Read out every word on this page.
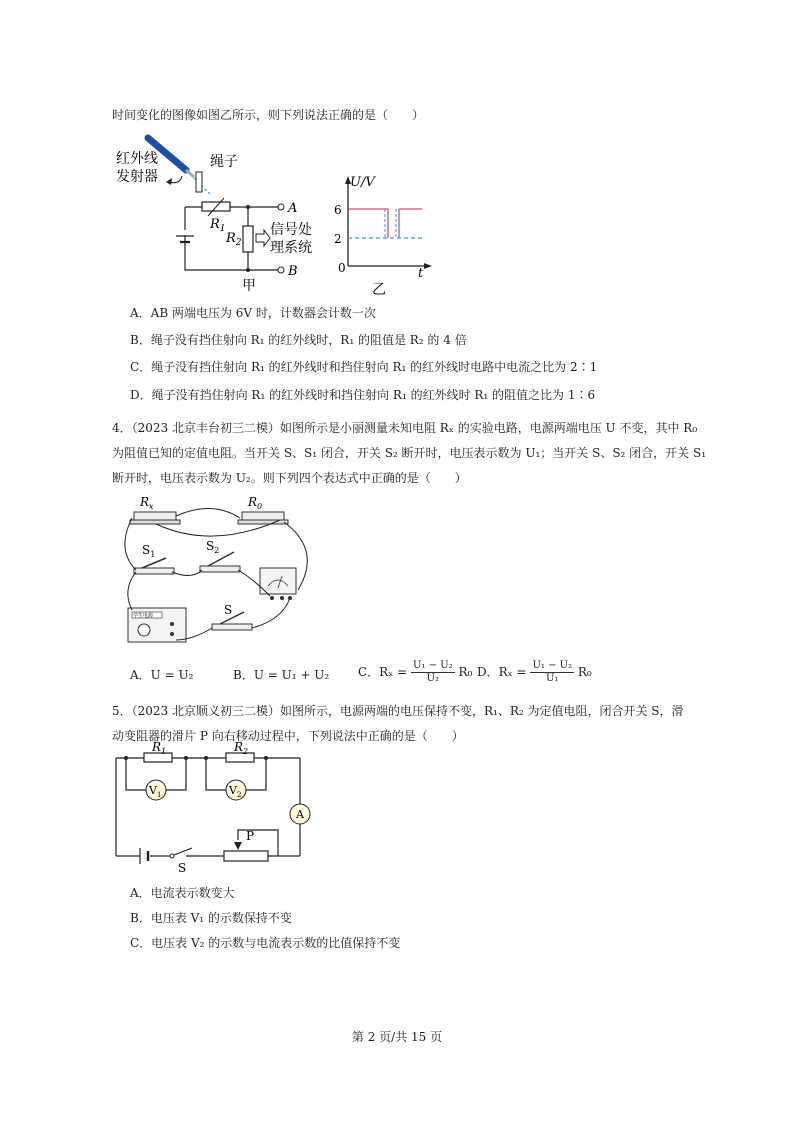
时间变化的图像如图乙所示，则下列说法正确的是（　　）
红外线
发射器
绳子
$R_1$
$R_2$
信号处
理系统
A
B
甲
U/V
t
0
6
2
乙
A．AB 两端电压为 6V 时，计数器会计数一次
B．绳子没有挡住射向 R₁ 的红外线时，R₁ 的阻值是 R₂ 的 4 倍
C．绳子没有挡住射向 R₁ 的红外线时和挡住射向 R₁ 的红外线时电路中电流之比为 2∶1
D．绳子没有挡住射向 R₁ 的红外线时和挡住射向 R₁ 的红外线时 R₁ 的阻值之比为 1∶6
4．（2023 北京丰台初三二模）如图所示是小丽测量未知电阻 Rₓ 的实验电路，电源两端电压 U 不变，其中 R₀
为阻值已知的定值电阻。当开关 S、S₁ 闭合，开关 S₂ 断开时，电压表示数为 U₁；当开关 S、S₂ 闭合，开关 S₁
断开时，电压表示数为 U₂。则下列四个表达式中正确的是（　　）
$R_x$	$R_0$
$S_1$
$S_2$
学生电源	S
A．U = U₂	B．U = U₁ + U₂ C．$R_x = \frac{\text{U₁ − U₂}}{\text{U₂}} R_0$ D．$R_x = \frac{\text{U₁ − U₂}}{\text{U₁}} R_0$
5．（2023 北京顺义初三二模）如图所示，电源两端的电压保持不变，R₁、R₂ 为定值电阻，闭合开关 S，滑
动变阻器的滑片 P 向右移动过程中，下列说法中正确的是（　　）
$R_1$	$R_2$
$V_1$	$V_2$
A
S
P
A．电流表示数变大
B．电压表 V₁ 的示数保持不变
C．电压表 V₂ 的示数与电流表示数的比值保持不变
第 2 页/共 15 页
